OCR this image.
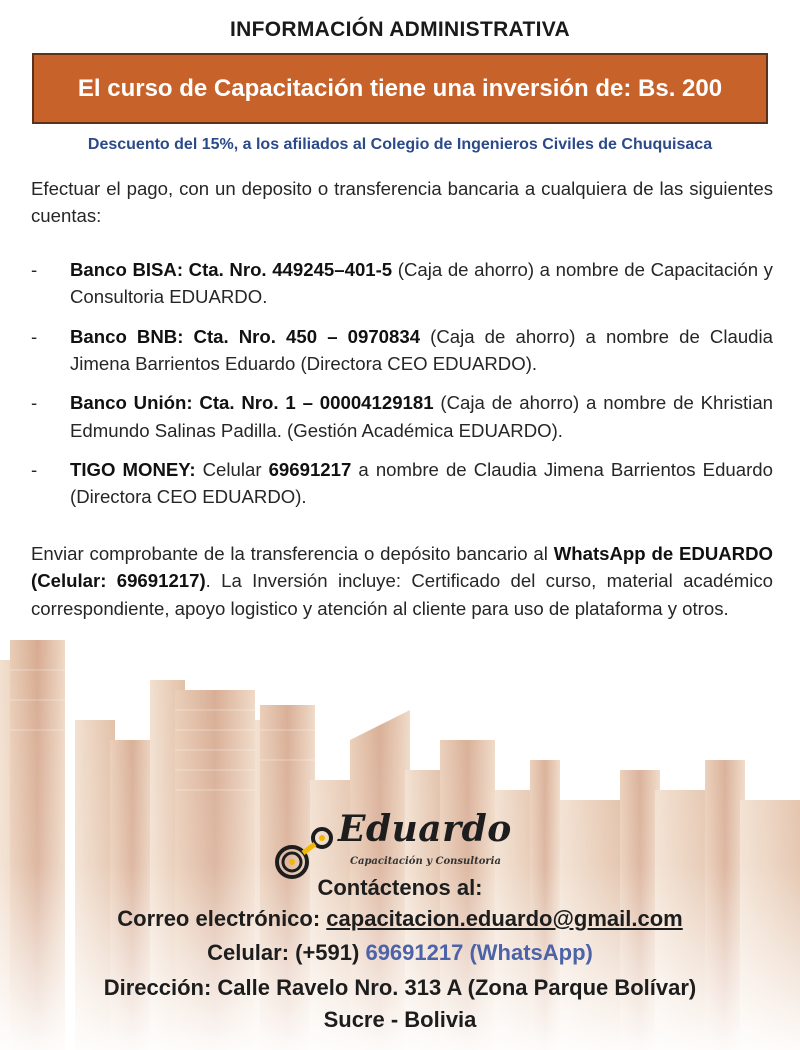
INFORMACIÓN ADMINISTRATIVA
El curso de Capacitación tiene una inversión de: Bs. 200
Descuento del 15%, a los afiliados al Colegio de Ingenieros Civiles de Chuquisaca
Efectuar el pago, con un deposito o transferencia bancaria a cualquiera de las siguientes cuentas:
- Banco BISA: Cta. Nro. 449245–401-5 (Caja de ahorro) a nombre de Capacitación y Consultoria EDUARDO.
- Banco BNB: Cta. Nro. 450 – 0970834 (Caja de ahorro) a nombre de Claudia Jimena Barrientos Eduardo (Directora CEO EDUARDO).
- Banco Unión: Cta. Nro. 1 – 00004129181 (Caja de ahorro) a nombre de Khristian Edmundo Salinas Padilla. (Gestión Académica EDUARDO).
- TIGO MONEY: Celular 69691217 a nombre de Claudia Jimena Barrientos Eduardo (Directora CEO EDUARDO).
Enviar comprobante de la transferencia o depósito bancario al WhatsApp de EDUARDO (Celular: 69691217). La Inversión incluye: Certificado del curso, material académico correspondiente, apoyo logistico y atención al cliente para uso de plataforma y otros.
Eduardo
Capacitación y Consultoria
Contáctenos al:
Correo electrónico: capacitacion.eduardo@gmail.com
Celular: (+591) 69691217 (WhatsApp)
Dirección: Calle Ravelo Nro. 313 A (Zona Parque Bolívar)
Sucre - Bolivia
